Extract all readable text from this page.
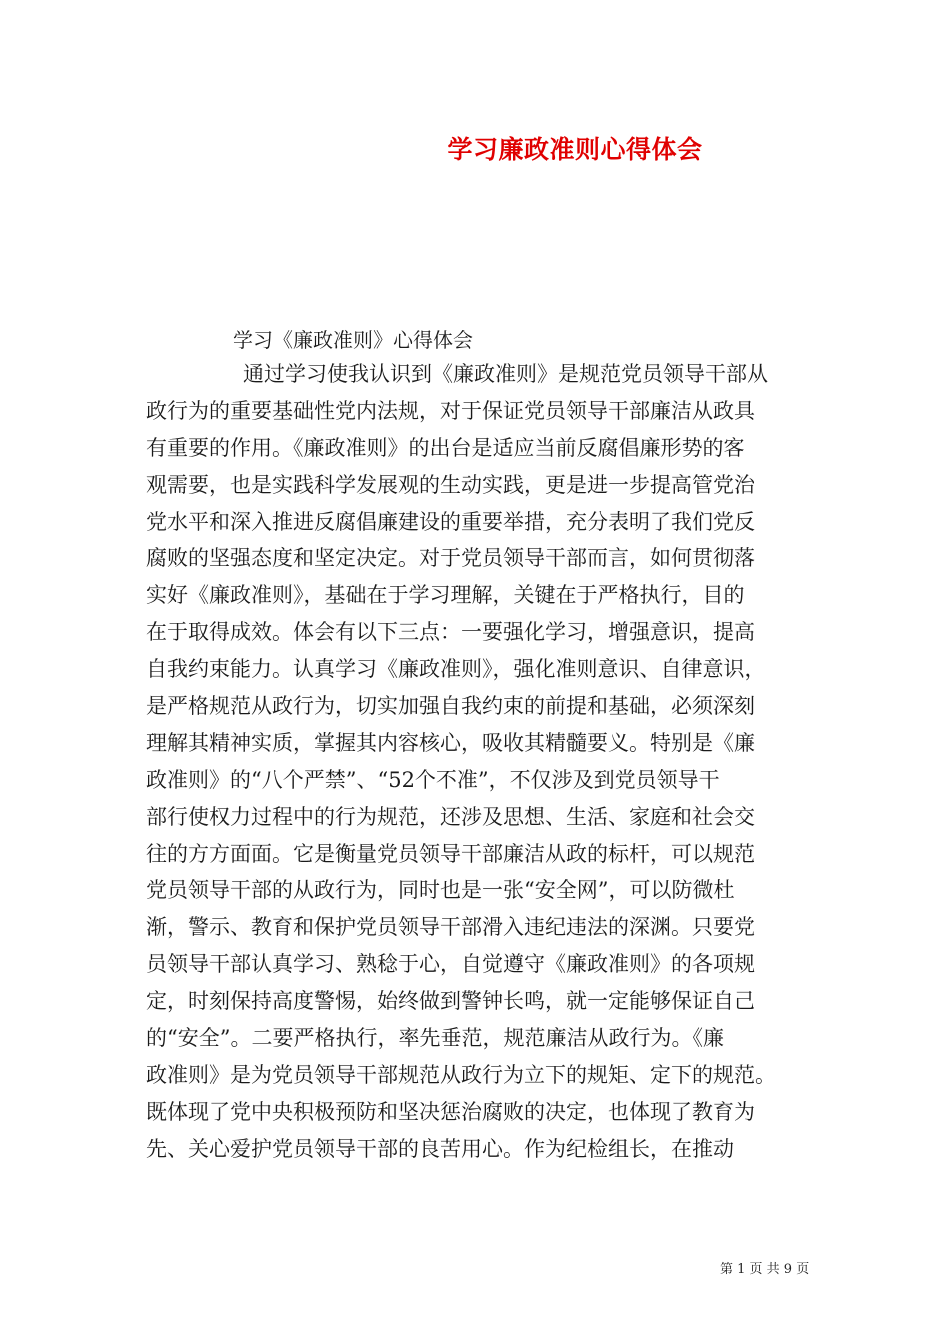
学习廉政准则心得体会
学习《廉政准则》心得体会
通过学习使我认识到《廉政准则》是规范党员领导干部从
政行为的重要基础性党内法规，对于保证党员领导干部廉洁从政具
有重要的作用。《廉政准则》的出台是适应当前反腐倡廉形势的客
观需要，也是实践科学发展观的生动实践，更是进一步提高管党治
党水平和深入推进反腐倡廉建设的重要举措，充分表明了我们党反
腐败的坚强态度和坚定决定。对于党员领导干部而言，如何贯彻落
实好《廉政准则》，基础在于学习理解，关键在于严格执行，目的
在于取得成效。体会有以下三点：一要强化学习，增强意识，提高
自我约束能力。认真学习《廉政准则》，强化准则意识、自律意识，
是严格规范从政行为，切实加强自我约束的前提和基础，必须深刻
理解其精神实质，掌握其内容核心，吸收其精髓要义。特别是《廉
政准则》的“八个严禁”、“52个不准”，不仅涉及到党员领导干
部行使权力过程中的行为规范，还涉及思想、生活、家庭和社会交
往的方方面面。它是衡量党员领导干部廉洁从政的标杆，可以规范
党员领导干部的从政行为，同时也是一张“安全网”，可以防微杜
渐，警示、教育和保护党员领导干部滑入违纪违法的深渊。只要党
员领导干部认真学习、熟稔于心，自觉遵守《廉政准则》的各项规
定，时刻保持高度警惕，始终做到警钟长鸣，就一定能够保证自己
的“安全”。二要严格执行，率先垂范，规范廉洁从政行为。《廉
政准则》是为党员领导干部规范从政行为立下的规矩、定下的规范。
既体现了党中央积极预防和坚决惩治腐败的决定，也体现了教育为
先、关心爱护党员领导干部的良苦用心。作为纪检组长，在推动
第 1 页 共 9 页
